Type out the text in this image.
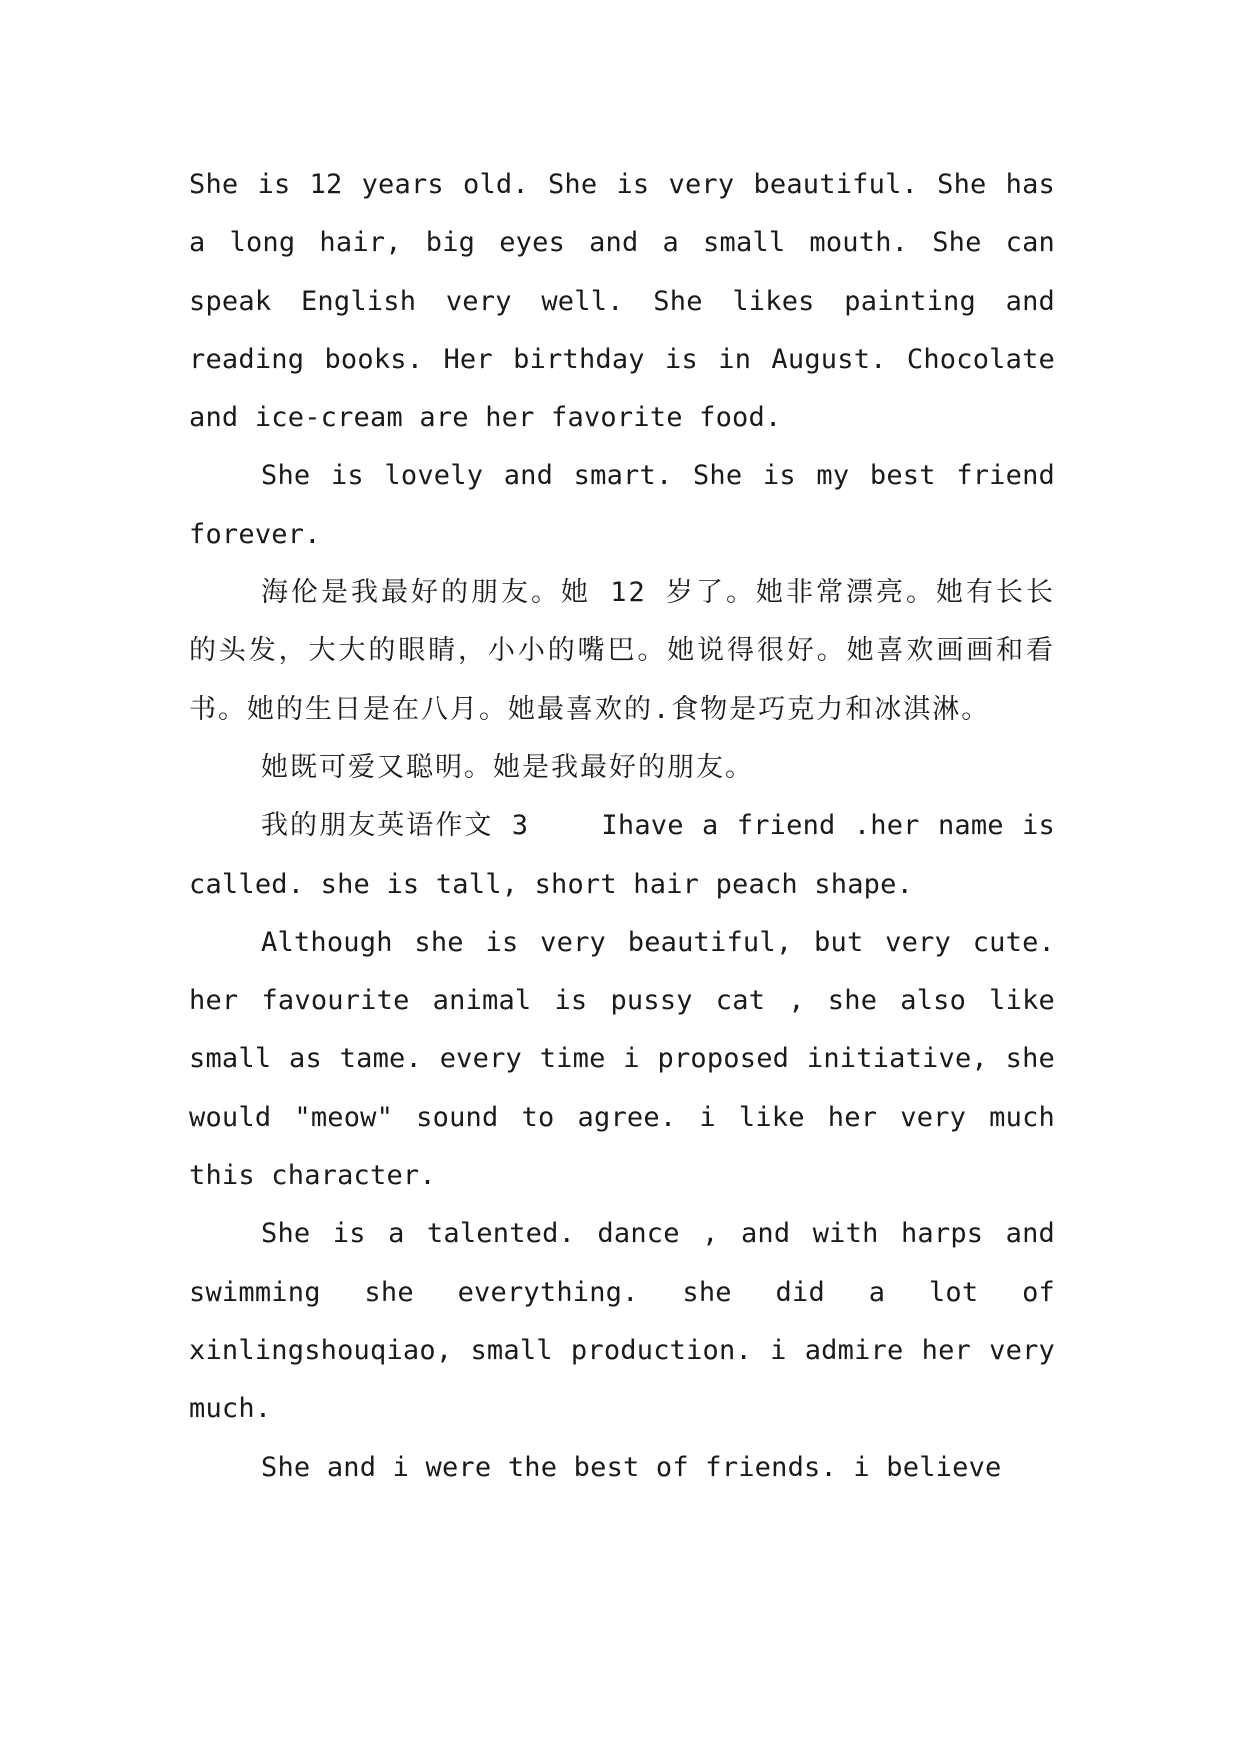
She is 12 years old. She is very beautiful. She has a long hair, big eyes and a small mouth. She can speak English very well. She likes painting and reading books. Her birthday is in August. Chocolate and ice-cream are her favorite food.

She is lovely and smart. She is my best friend forever.

海伦是我最好的朋友。她 12 岁了。她非常漂亮。她有长长的头发，大大的眼睛，小小的嘴巴。她说得很好。她喜欢画画和看书。她的生日是在八月。她最喜欢的.食物是巧克力和冰淇淋。

她既可爱又聪明。她是我最好的朋友。

我的朋友英语作文 3    Ihave a friend .her name is called. she is tall, short hair peach shape.

Although she is very beautiful, but very cute. her favourite animal is pussy cat , she also like small as tame. every time i proposed initiative, she would "meow" sound to agree. i like her very much this character.

She is a talented. dance , and with harps and swimming she everything. she did a lot of xinlingshouqiao, small production. i admire her very much.

She and i were the best of friends. i believe
